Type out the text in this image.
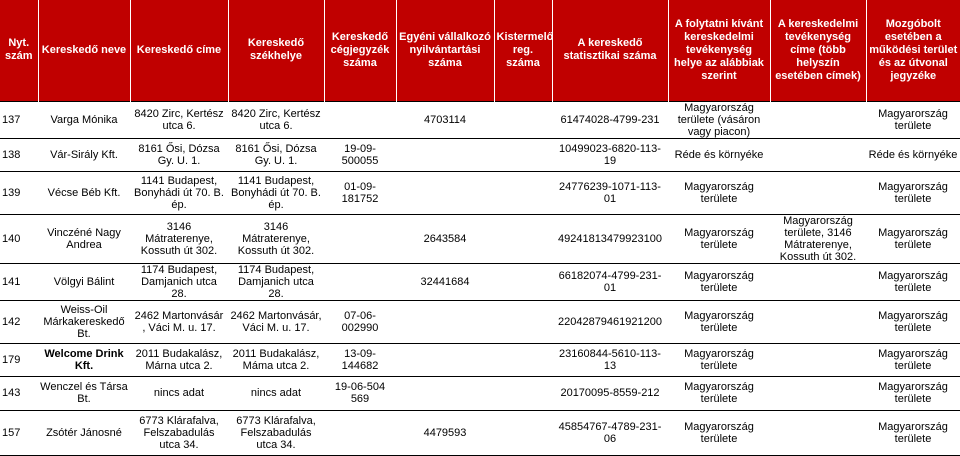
Nyt. szám	Kereskedő neve	Kereskedő címe	Kereskedő székhelye	Kereskedő cégjegyzék száma	Egyéni vállalkozó nyilvántartási száma	Kistermelő reg. száma	A kereskedő statisztikai száma	A folytatni kívánt kereskedelmi tevékenység helye az alábbiak szerint	A kereskedelmi tevékenység címe (több helyszín esetében címek)	Mozgóbolt esetében a működési terület és az útvonal jegyzéke
137	Varga Mónika	8420 Zirc, Kertész utca 6.	8420 Zirc, Kertész utca 6.		4703114		61474028-4799-231	Magyarország területe (vásáron vagy piacon)		Magyarország területe
138	Vár-Sirály Kft.	8161 Ősi, Dózsa Gy. U. 1.	8161 Ősi, Dózsa Gy. U. 1.	19-09-500055			10499023-6820-113-19	Réde és környéke		Réde és környéke
139	Vécse Béb Kft.	1141 Budapest, Bonyhádi út 70. B. ép.	1141 Budapest, Bonyhádi út 70. B. ép.	01-09-181752			24776239-1071-113-01	Magyarország területe		Magyarország területe
140	Vinczéné Nagy Andrea	3146 Mátraterenye, Kossuth út 302.	3146 Mátraterenye, Kossuth út 302.		2643584		49241813479923100	Magyarország területe	Magyarország területe, 3146 Mátraterenye, Kossuth út 302.	Magyarország területe
141	Völgyi Bálint	1174 Budapest, Damjanich utca 28.	1174 Budapest, Damjanich utca 28.		32441684		66182074-4799-231-01	Magyarország területe		Magyarország területe
142	Weiss-Oil Márkakereskedő Bt.	2462 Martonvásár , Váci M. u. 17.	2462 Martonvásár, Váci M. u. 17.	07-06-002990			22042879461921200	Magyarország területe		Magyarország területe
179	Welcome Drink Kft.	2011 Budakalász, Márna utca 2.	2011 Budakalász, Máma utca 2.	13-09-144682			23160844-5610-113-13	Magyarország területe		Magyarország területe
143	Wenczel és Társa Bt.	nincs adat	nincs adat	19-06-504 569			20170095-8559-212	Magyarország területe		Magyarország területe
157	Zsótér Jánosné	6773 Klárafalva, Felszabadulás utca 34.	6773 Klárafalva, Felszabadulás utca 34.		4479593		45854767-4789-231-06	Magyarország területe		Magyarország területe
